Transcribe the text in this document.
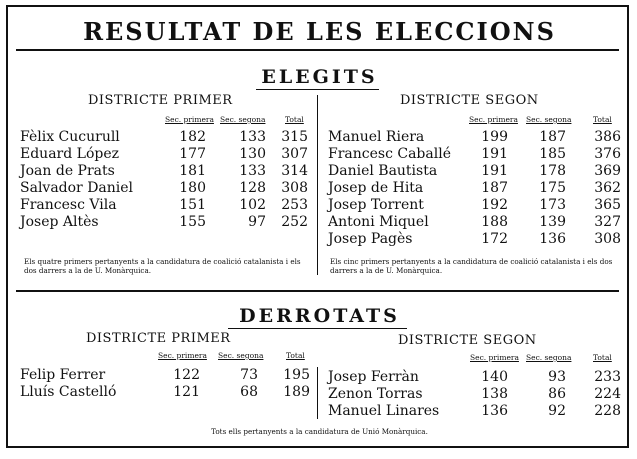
RESULTAT DE LES ELECCIONS
ELEGITS
DISTRICTE PRIMER	DISTRICTE SEGON
Sec. primera Sec. segona	Total	Sec. primera Sec. segona	Total
Fèlix Cucurull	182	133	315
Eduard López	177	130	307
Joan de Prats	181	133	314
Salvador Daniel	180	128	308
Francesc Vila	151	102	253
Josep Altès	155	97	252
Manuel Riera	199	187	386
Francesc Caballé	191	185	376
Daniel Bautista	191	178	369
Josep de Hita	187	175	362
Josep Torrent	192	173	365
Antoni Miquel	188	139	327
Josep Pagès	172	136	308
Els quatre primers pertanyents a la candidatura de coalició catalanista i els dos darrers a la de U. Monàrquica.
Els cinc primers pertanyents a la candidatura de coalició catalanista i els dos darrers a la de U. Monàrquica.
DERROTATS
DISTRICTE PRIMER	DISTRICTE SEGON
Sec. primera Sec. segona	Total	Sec. primera Sec. segona	Total
Felip Ferrer	122	73	195
Lluís Castelló	121	68	189
Josep Ferràn	140	93	233
Zenon Torras	138	86	224
Manuel Linares	136	92	228
Tots ells pertanyents a la candidatura de Unió Monàrquica.
